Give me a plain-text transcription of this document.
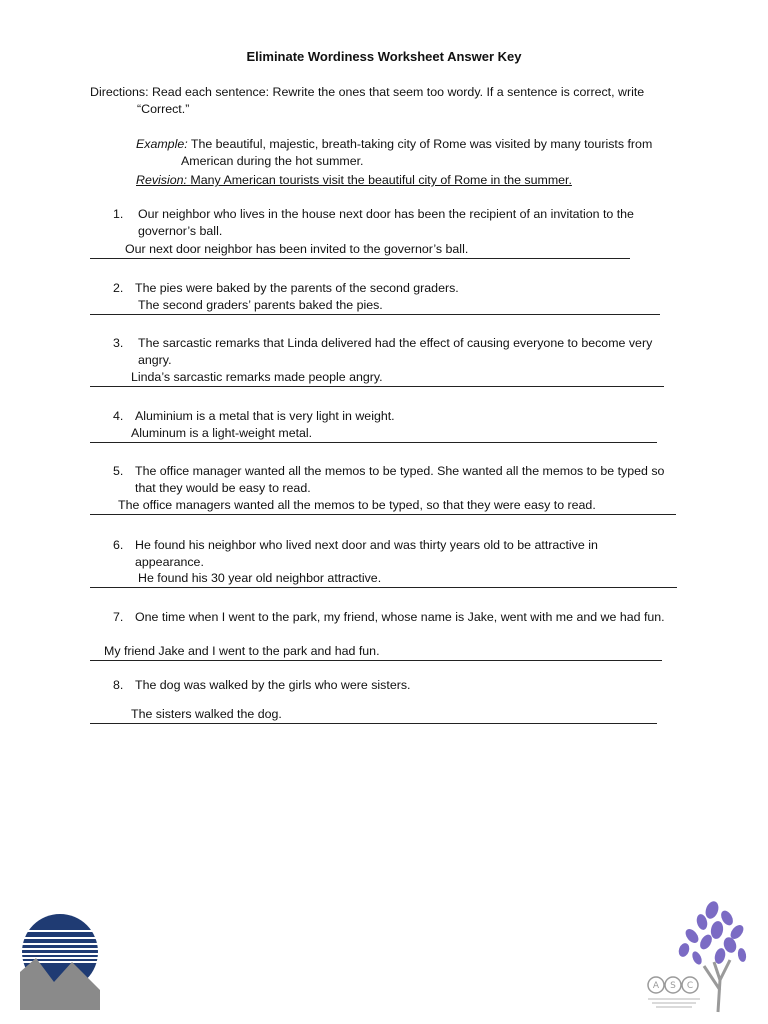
Eliminate Wordiness Worksheet Answer Key
Directions: Read each sentence: Rewrite the ones that seem too wordy. If a sentence is correct, write
“Correct.”
Example: The beautiful, majestic, breath-taking city of Rome was visited by many tourists from
American during the hot summer.
Revision: Many American tourists visit the beautiful city of Rome in the summer.
1.	Our neighbor who lives in the house next door has been the recipient of an invitation to the governor’s ball.
Our next door neighbor has been invited to the governor’s ball.
2. The pies were baked by the parents of the second graders.
The second graders’ parents baked the pies.
3.	The sarcastic remarks that Linda delivered had the effect of causing everyone to become very angry.
Linda’s sarcastic remarks made people angry.
4. Aluminium is a metal that is very light in weight.
Aluminum is a light-weight metal.
5. The office manager wanted all the memos to be typed. She wanted all the memos to be typed so that they would be easy to read.
The office managers wanted all the memos to be typed, so that they were easy to read.
6. He found his neighbor who lived next door and was thirty years old to be attractive in appearance.
He found his 30 year old neighbor attractive.
7. One time when I went to the park, my friend, whose name is Jake, went with me and we had fun.
My friend Jake and I went to the park and had fun.
8. The dog was walked by the girls who were sisters.
The sisters walked the dog.
A S C
